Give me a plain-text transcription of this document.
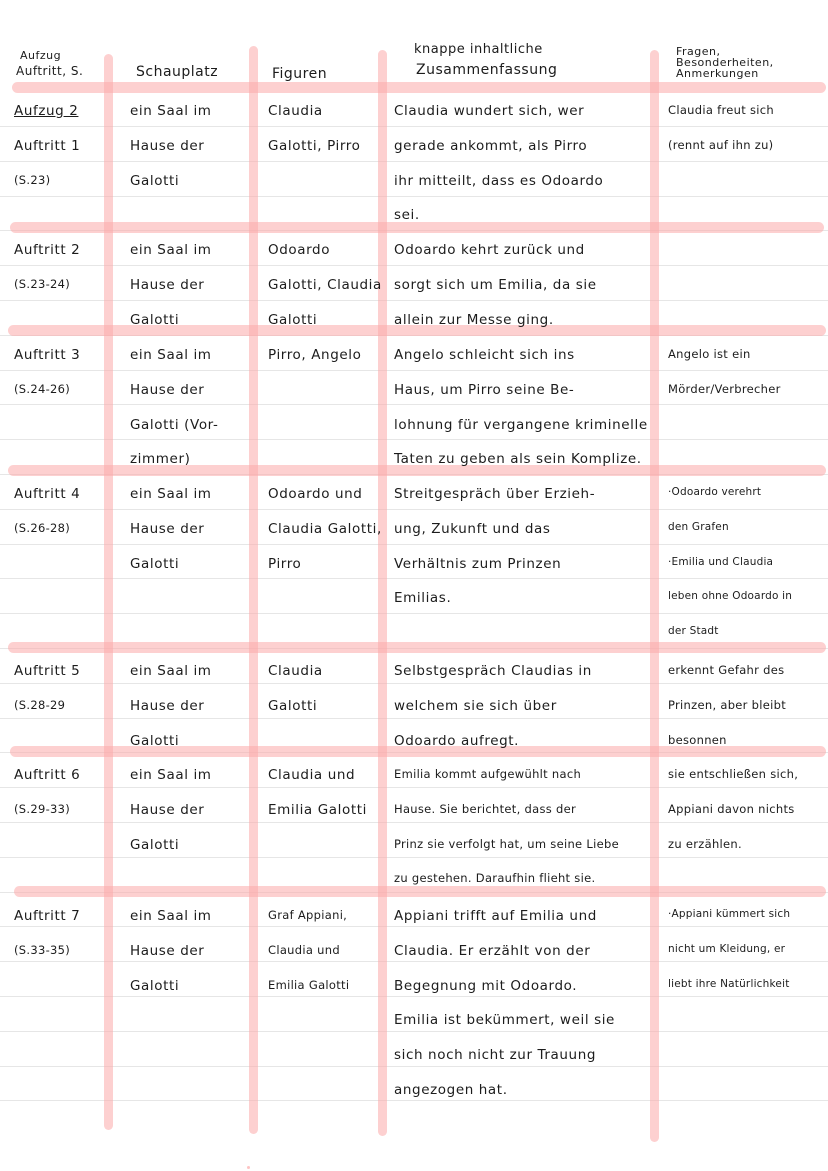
Aufzug
Auftritt, S.	Schauplatz	Figuren
knappe inhaltliche
Zusammenfassung
Fragen,
Besonderheiten,
Anmerkungen
Aufzug 2
Auftritt 1
(S.23)
ein Saal im
Hause der
Galotti
Claudia
Galotti, Pirro
Claudia wundert sich, wer
gerade ankommt, als Pirro
ihr mitteilt, dass es Odoardo
sei.
Claudia freut sich
(rennt auf ihn zu)
Auftritt 2
(S.23-24)
ein Saal im
Hause der
Galotti
Odoardo
Galotti, Claudia
Galotti
Odoardo kehrt zurück und
sorgt sich um Emilia, da sie
allein zur Messe ging.
Auftritt 3
(S.24-26)
ein Saal im
Hause der
Galotti (Vor-
zimmer)
Pirro, Angelo Angelo schleicht sich ins
Haus, um Pirro seine Be-
lohnung für vergangene kriminelle
Taten zu geben als sein Komplize.
Angelo ist ein
Mörder/Verbrecher
Auftritt 4
(S.26-28)
ein Saal im
Hause der
Galotti
Odoardo und
Claudia Galotti,
Pirro
Streitgespräch über Erzieh-
ung, Zukunft und das
Verhältnis zum Prinzen
Emilias.
·Odoardo verehrt
den Grafen
·Emilia und Claudia
leben ohne Odoardo in
der Stadt
Auftritt 5
(S.28-29
ein Saal im
Hause der
Galotti
Claudia
Galotti
Selbstgespräch Claudias in
welchem sie sich über
Odoardo aufregt.
erkennt Gefahr des
Prinzen, aber bleibt
besonnen
Auftritt 6
(S.29-33)
ein Saal im
Hause der
Galotti
Claudia und
Emilia Galotti
Emilia kommt aufgewühlt nach
Hause. Sie berichtet, dass der
Prinz sie verfolgt hat, um seine Liebe
zu gestehen. Daraufhin flieht sie.
sie entschließen sich,
Appiani davon nichts
zu erzählen.
Auftritt 7
(S.33-35)
ein Saal im
Hause der
Galotti
Graf Appiani,
Claudia und
Emilia Galotti
Appiani trifft auf Emilia und
Claudia. Er erzählt von der
Begegnung mit Odoardo.
Emilia ist bekümmert, weil sie
sich noch nicht zur Trauung
angezogen hat.
·Appiani kümmert sich
nicht um Kleidung, er
liebt ihre Natürlichkeit
